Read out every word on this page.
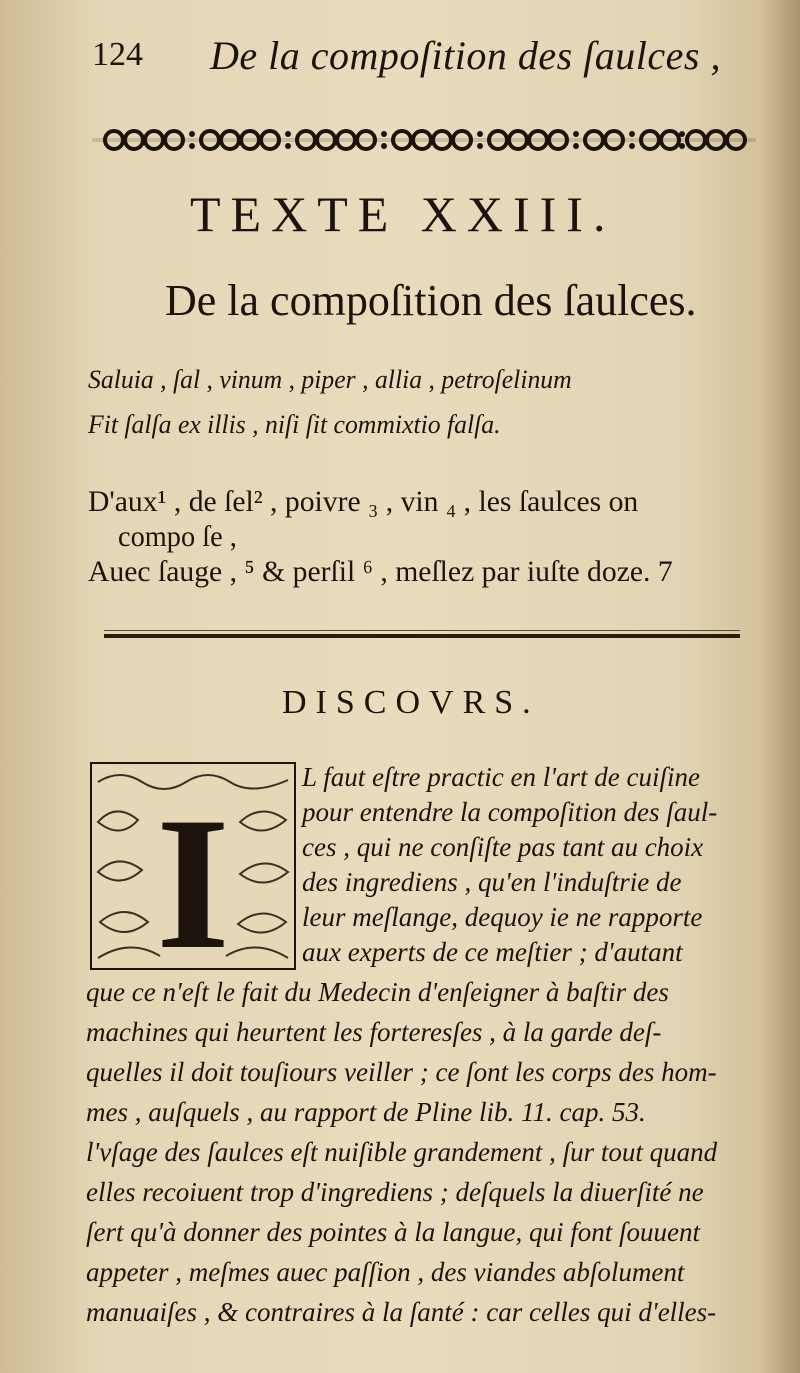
124 De la compoſition des ſaulces ,
TEXTE XXIII.
De la compoſition des ſaulces.
Saluia , ſal , vinum , piper , allia , petroſelinum
Fit ſalſa ex illis , niſi ſit commixtio falſa.
D'aux¹ , de ſel² , poivre ₃ , vin ₄ , les ſaulces on
compo ſe ,
Auec ſauge , ⁵ & perſil ⁶ , meſlez par iuſte doze. 7
DISCOVRS.
I
L faut eſtre practic en l'art de cuiſine
pour entendre la compoſition des ſaul-
ces , qui ne conſiſte pas tant au choix
des ingrediens , qu'en l'induſtrie de
leur meſlange, dequoy ie ne rapporte
aux experts de ce meſtier ; d'autant
que ce n'eſt le fait du Medecin d'enſeigner à baſtir des
machines qui heurtent les forteresſes , à la garde deſ-
quelles il doit touſiours veiller ; ce ſont les corps des hom-
mes , auſquels , au rapport de Pline lib. 11. cap. 53.
l'vſage des ſaulces eſt nuiſible grandement , ſur tout quand
elles recoiuent trop d'ingrediens ; deſquels la diuerſité ne
ſert qu'à donner des pointes à la langue, qui font ſouuent
appeter , meſmes auec paſſion , des viandes abſolument
manuaiſes , & contraires à la ſanté : car celles qui d'elles-
